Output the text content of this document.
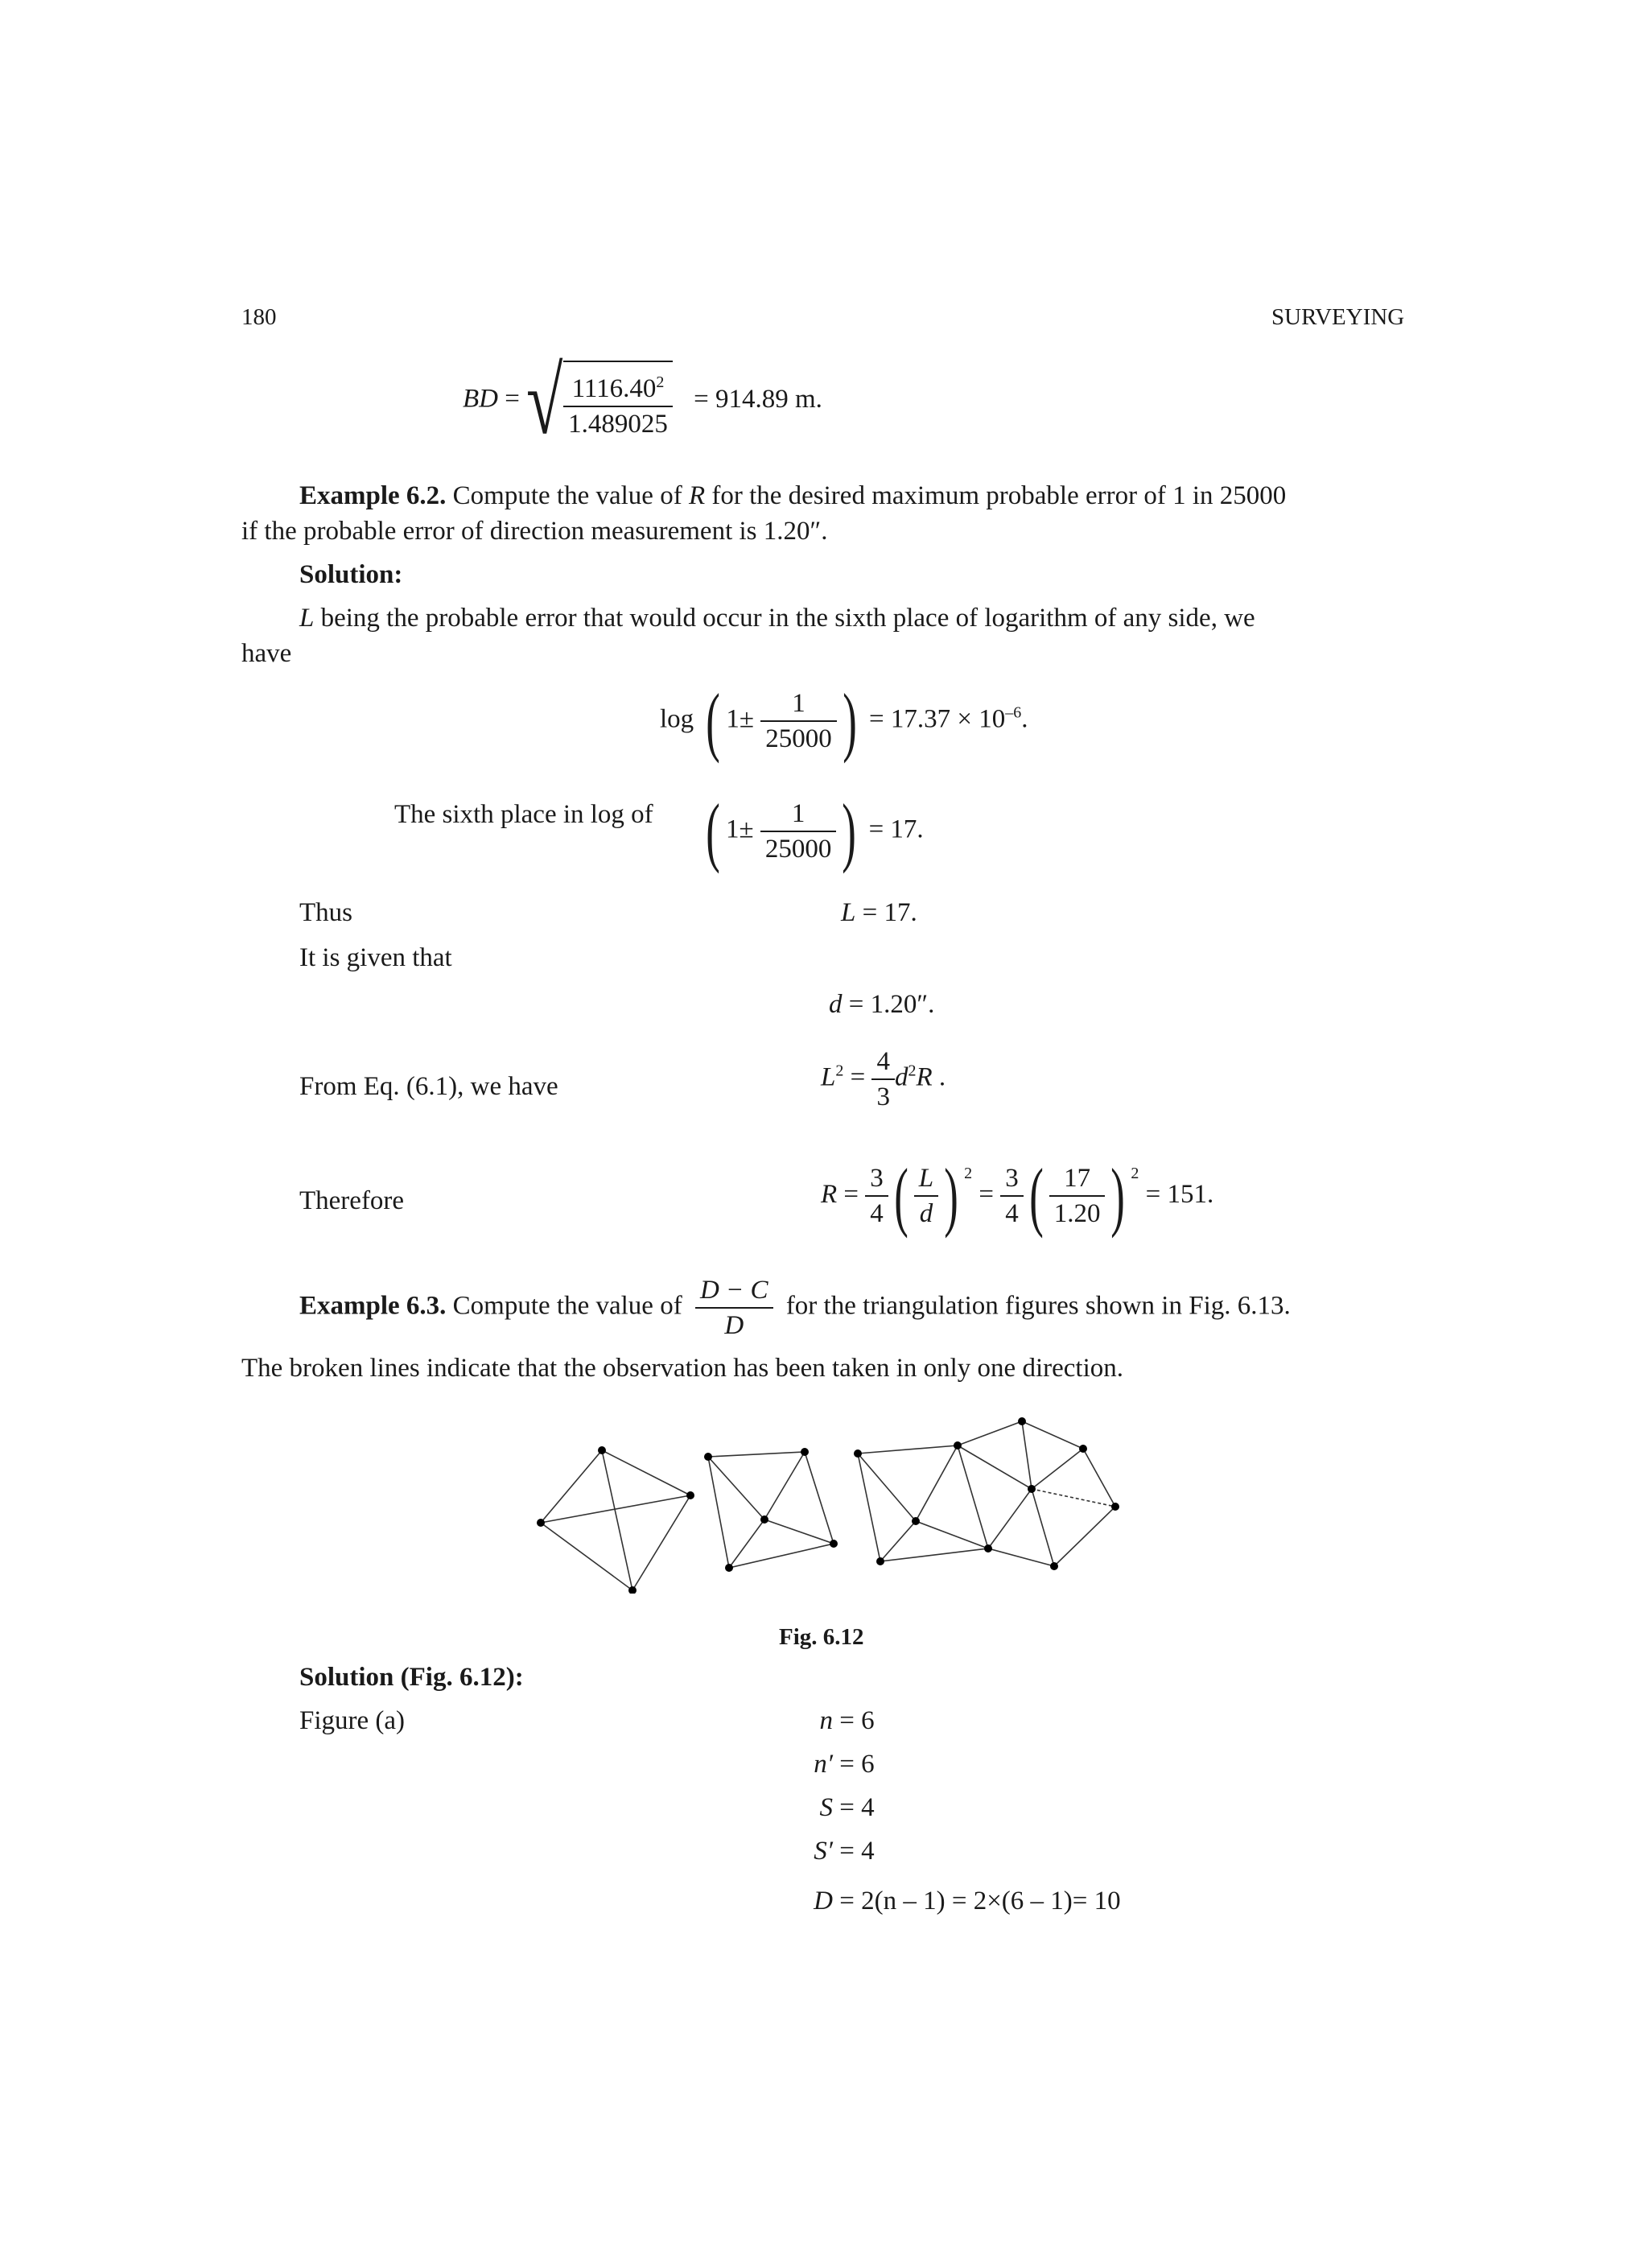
180	SURVEYING
BD = √ $\frac{1116.40^2}{1.489025} = 914.89$ m.
Example 6.2. Compute the value of R for the desired maximum probable error of 1 in 25000
if the probable error of direction measurement is 1.20″.
Solution:
L being the probable error that would occur in the sixth place of logarithm of any side, we
have
log ( $1\pm \frac{1}{25000}$ ) = $17.37 \times 10^{-6}$.
The sixth place in log of ( $1\pm \frac{1}{25000}$ ) = 17.
Thus	L = 17.
It is given that
d = 1.20″.
From Eq. (6.1), we have	$L^2 = \frac{4}{3} d^2R$ .
Therefore	$R = \frac{3}{4}$ ( $\frac{L}{d}$ ) $^2 = \frac{3}{4}$ ( $\frac{17}{1.20}$ ) $^2$ = 151.
Example 6.3. Compute the value of $\frac{D - C}{D}$ for the triangulation figures shown in Fig. 6.13.
The broken lines indicate that the observation has been taken in only one direction.
Fig. 6.12
Solution (Fig. 6.12):
Figure (a)	n = 6
n′ = 6
S = 4
S′ = 4
D = 2(n – 1) = 2×(6 – 1)= 10
